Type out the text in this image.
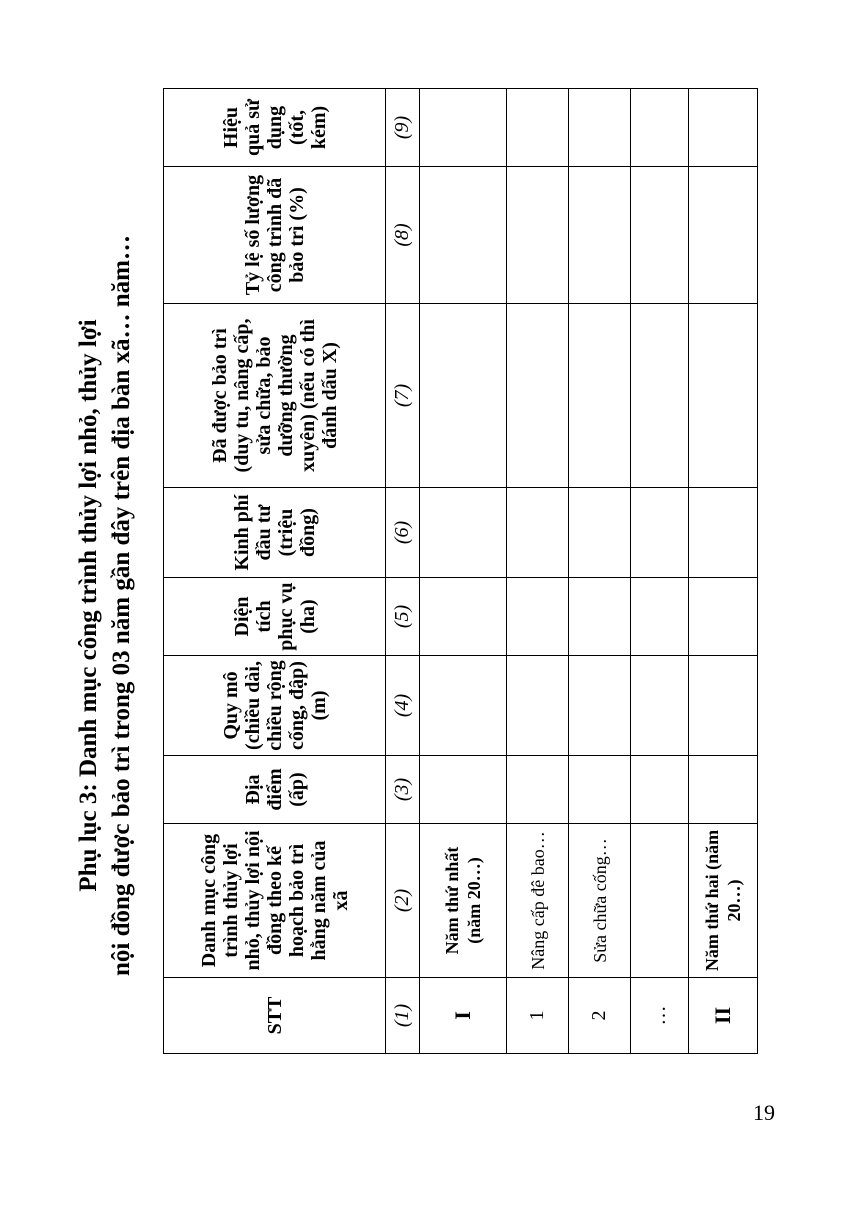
Phụ lục 3: Danh mục công trình thủy lợi nhỏ, thủy lợi nội đồng được bảo trì trong 03 năm gần đây trên địa bàn xã… năm…
STT	Danh mục công trình thủy lợi nhỏ, thủy lợi nội đồng theo kế hoạch bảo trì hằng năm của xã	Địa điểm (ấp)	Quy mô (chiều dài, chiều rộng cống, đập) (m)	Diện tích phục vụ (ha)	Kinh phí đầu tư (triệu đồng)	Đã được bảo trì (duy tu, nâng cấp, sửa chữa, bảo dưỡng thường xuyên) (nếu có thì đánh dấu X)	Tỷ lệ số lượng công trình đã bảo trì (%)	Hiệu quả sử dụng (tốt, kém)
(1)	(2)	(3)	(4)	(5)	(6)	(7)	(8)	(9)
I	Năm thứ nhất (năm 20…)							
1	Nâng cấp đê bao…							
2	Sửa chữa cống…							
…								
II	Năm thứ hai (năm 20…)							
19
